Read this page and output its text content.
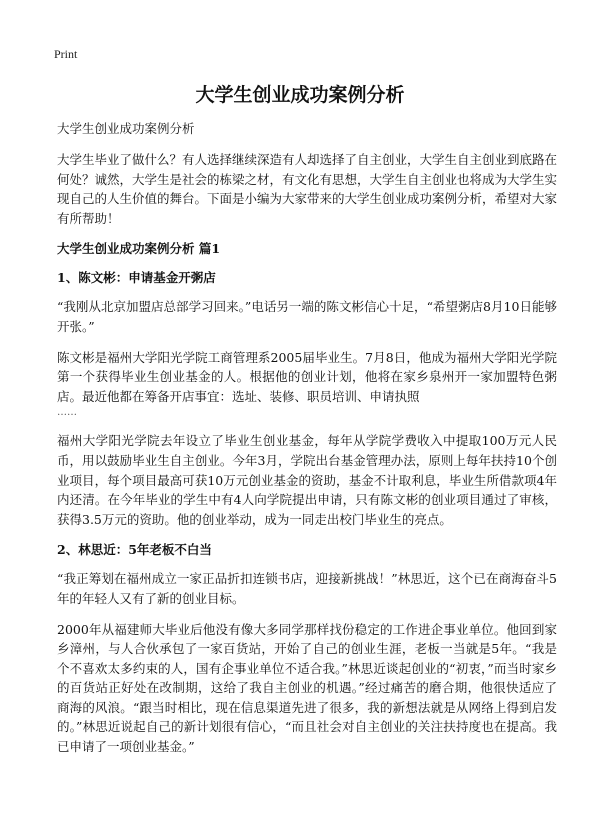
Print
大学生创业成功案例分析

大学生创业成功案例分析

大学生毕业了做什么？有人选择继续深造有人却选择了自主创业，大学生自主创业到底路在何处？诚然，大学生是社会的栋梁之材，有文化有思想，大学生自主创业也将成为大学生实现自己的人生价值的舞台。下面是小编为大家带来的大学生创业成功案例分析，希望对大家有所帮助！

大学生创业成功案例分析 篇1

1、陈文彬：申请基金开粥店

“我刚从北京加盟店总部学习回来。”电话另一端的陈文彬信心十足，“希望粥店8月10日能够开张。”

陈文彬是福州大学阳光学院工商管理系2005届毕业生。7月8日，他成为福州大学阳光学院第一个获得毕业生创业基金的人。根据他的创业计划，他将在家乡泉州开一家加盟特色粥店。最近他都在筹备开店事宜：选址、装修、职员培训、申请执照
……

福州大学阳光学院去年设立了毕业生创业基金，每年从学院学费收入中提取100万元人民币，用以鼓励毕业生自主创业。今年3月，学院出台基金管理办法，原则上每年扶持10个创业项目，每个项目最高可获10万元创业基金的资助，基金不计取利息，毕业生所借款项4年内还清。在今年毕业的学生中有4人向学院提出申请，只有陈文彬的创业项目通过了审核，获得3.5万元的资助。他的创业举动，成为一同走出校门毕业生的亮点。

2、林思近：5年老板不白当

“我正筹划在福州成立一家正品折扣连锁书店，迎接新挑战！”林思近，这个已在商海奋斗5年的年轻人又有了新的创业目标。

2000年从福建师大毕业后他没有像大多同学那样找份稳定的工作进企事业单位。他回到家乡漳州，与人合伙承包了一家百货站，开始了自己的创业生涯，老板一当就是5年。“我是个不喜欢太多约束的人，国有企事业单位不适合我。”林思近谈起创业的“初衷，”而当时家乡的百货站正好处在改制期，这给了我自主创业的机遇。”经过痛苦的磨合期，他很快适应了商海的风浪。“跟当时相比，现在信息渠道先进了很多，我的新想法就是从网络上得到启发的。”林思近说起自己的新计划很有信心，“而且社会对自主创业的关注扶持度也在提高。我已申请了一项创业基金。”
